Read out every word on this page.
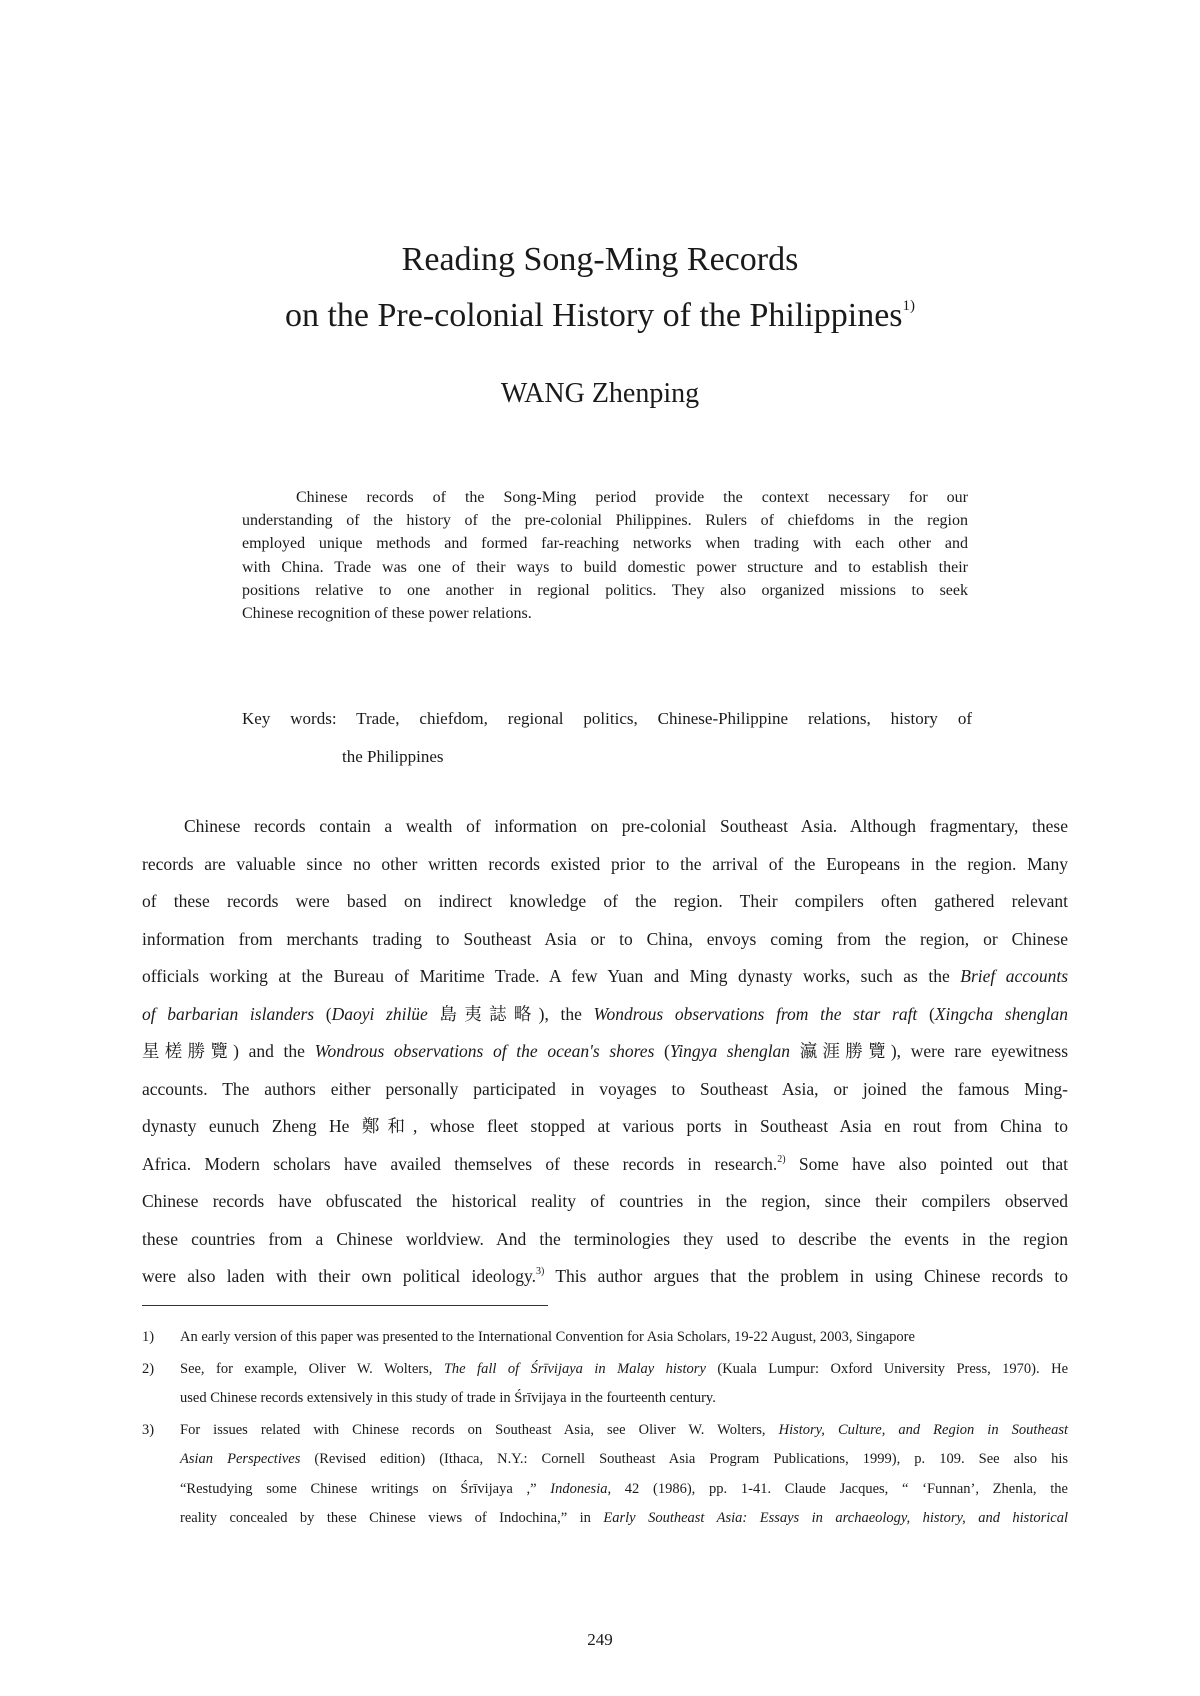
Reading Song-Ming Records
on the Pre-colonial History of the Philippines$^{1)}$
WANG Zhenping
Chinese records of the Song-Ming period provide the context necessary for our
understanding of the history of the pre-colonial Philippines. Rulers of chiefdoms in the region
employed unique methods and formed far-reaching networks when trading with each other and
with China. Trade was one of their ways to build domestic power structure and to establish their
positions relative to one another in regional politics. They also organized missions to seek
Chinese recognition of these power relations.
Key words: Trade, chiefdom, regional politics, Chinese-Philippine relations, history of
the Philippines
Chinese records contain a wealth of information on pre-colonial Southeast Asia. Although fragmentary, these
records are valuable since no other written records existed prior to the arrival of the Europeans in the region. Many
of these records were based on indirect knowledge of the region. Their compilers often gathered relevant
information from merchants trading to Southeast Asia or to China, envoys coming from the region, or Chinese
officials working at the Bureau of Maritime Trade. A few Yuan and Ming dynasty works, such as the Brief accounts
of barbarian islanders (Daoyi zhilüe 島夷誌略), the Wondrous observations from the star raft (Xingcha shenglan
星槎勝覽) and the Wondrous observations of the ocean's shores (Yingya shenglan 瀛涯勝覽), were rare eyewitness
accounts. The authors either personally participated in voyages to Southeast Asia, or joined the famous Ming-
dynasty eunuch Zheng He 鄭和, whose fleet stopped at various ports in Southeast Asia en rout from China to
Africa. Modern scholars have availed themselves of these records in research.$^{2)}$ Some have also pointed out that
Chinese records have obfuscated the historical reality of countries in the region, since their compilers observed
these countries from a Chinese worldview. And the terminologies they used to describe the events in the region
were also laden with their own political ideology.$^{3)}$ This author argues that the problem in using Chinese records to
1)	An early version of this paper was presented to the International Convention for Asia Scholars, 19-22 August, 2003, Singapore
2)	See, for example, Oliver W. Wolters, The fall of Śrīvijaya in Malay history (Kuala Lumpur: Oxford University Press, 1970). He
used Chinese records extensively in this study of trade in Śrīvijaya in the fourteenth century.
3)	For issues related with Chinese records on Southeast Asia, see Oliver W. Wolters, History, Culture, and Region in Southeast
Asian Perspectives (Revised edition) (Ithaca, N.Y.: Cornell Southeast Asia Program Publications, 1999), p. 109. See also his
“Restudying some Chinese writings on Śrīvijaya ,” Indonesia, 42 (1986), pp. 1-41. Claude Jacques, “ ‘Funnan’, Zhenla, the
reality concealed by these Chinese views of Indochina,” in Early Southeast Asia: Essays in archaeology, history, and historical
249
